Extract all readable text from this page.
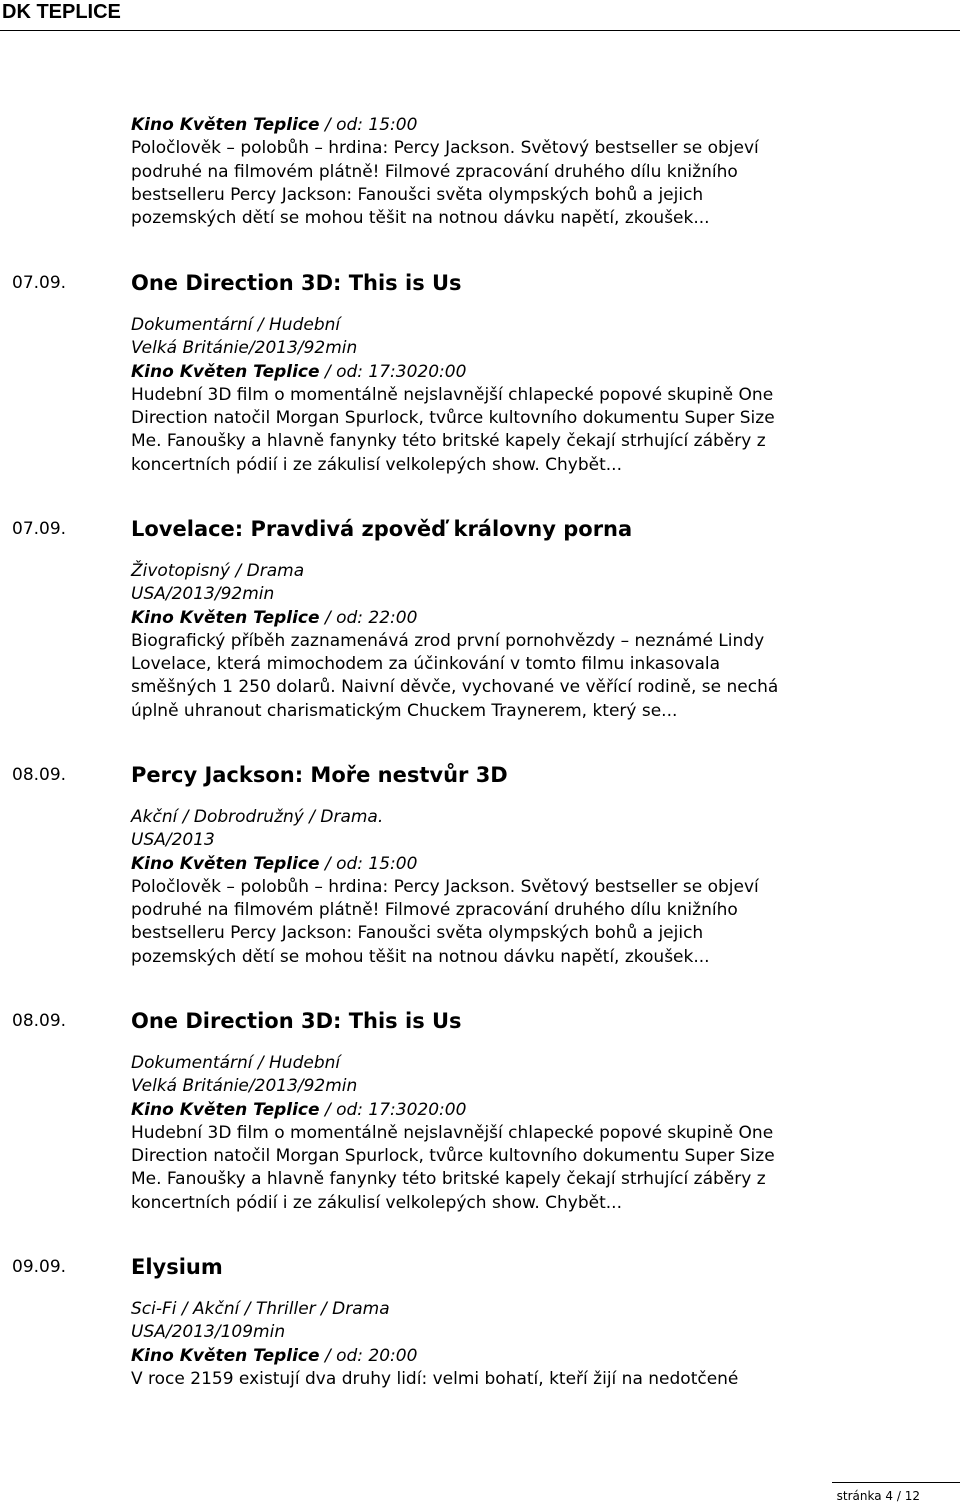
DK TEPLICE
Kino Květen Teplice / od: 15:00
Poločlověk – polobůh – hrdina: Percy Jackson. Světový bestseller se objeví
podruhé na filmovém plátně! Filmové zpracování druhého dílu knižního
bestselleru Percy Jackson: Fanoušci světa olympských bohů a jejich
pozemských dětí se mohou těšit na notnou dávku napětí, zkoušek...
07.09.	One Direction 3D: This is Us
Dokumentární / Hudební
Velká Británie/2013/92min
Kino Květen Teplice / od: 17:3020:00
Hudební 3D film o momentálně nejslavnější chlapecké popové skupině One
Direction natočil Morgan Spurlock, tvůrce kultovního dokumentu Super Size
Me. Fanoušky a hlavně fanynky této britské kapely čekají strhující záběry z
koncertních pódií i ze zákulisí velkolepých show. Chybět...
07.09.	Lovelace: Pravdivá zpověď královny porna
Životopisný / Drama
USA/2013/92min
Kino Květen Teplice / od: 22:00
Biografický příběh zaznamenává zrod první pornohvězdy – neznámé Lindy
Lovelace, která mimochodem za účinkování v tomto filmu inkasovala
směšných 1 250 dolarů. Naivní děvče, vychované ve věřící rodině, se nechá
úplně uhranout charismatickým Chuckem Traynerem, který se...
08.09.	Percy Jackson: Moře nestvůr 3D
Akční / Dobrodružný / Drama.
USA/2013
Kino Květen Teplice / od: 15:00
Poločlověk – polobůh – hrdina: Percy Jackson. Světový bestseller se objeví
podruhé na filmovém plátně! Filmové zpracování druhého dílu knižního
bestselleru Percy Jackson: Fanoušci světa olympských bohů a jejich
pozemských dětí se mohou těšit na notnou dávku napětí, zkoušek...
08.09.	One Direction 3D: This is Us
Dokumentární / Hudební
Velká Británie/2013/92min
Kino Květen Teplice / od: 17:3020:00
Hudební 3D film o momentálně nejslavnější chlapecké popové skupině One
Direction natočil Morgan Spurlock, tvůrce kultovního dokumentu Super Size
Me. Fanoušky a hlavně fanynky této britské kapely čekají strhující záběry z
koncertních pódií i ze zákulisí velkolepých show. Chybět...
09.09.	Elysium
Sci-Fi / Akční / Thriller / Drama
USA/2013/109min
Kino Květen Teplice / od: 20:00
V roce 2159 existují dva druhy lidí: velmi bohatí, kteří žijí na nedotčené
stránka 4 / 12
